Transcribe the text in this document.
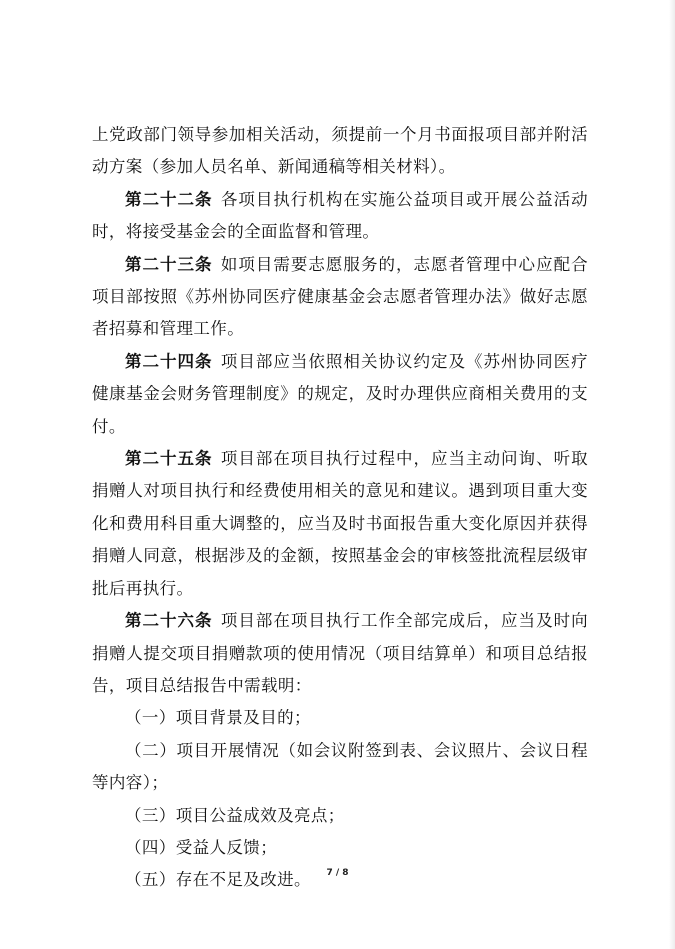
上党政部门领导参加相关活动，须提前一个月书面报项目部并附活动方案（参加人员名单、新闻通稿等相关材料）。

第二十二条 各项目执行机构在实施公益项目或开展公益活动时，将接受基金会的全面监督和管理。

第二十三条 如项目需要志愿服务的，志愿者管理中心应配合项目部按照《苏州协同医疗健康基金会志愿者管理办法》做好志愿者招募和管理工作。

第二十四条 项目部应当依照相关协议约定及《苏州协同医疗健康基金会财务管理制度》的规定，及时办理供应商相关费用的支付。

第二十五条 项目部在项目执行过程中，应当主动问询、听取捐赠人对项目执行和经费使用相关的意见和建议。遇到项目重大变化和费用科目重大调整的，应当及时书面报告重大变化原因并获得捐赠人同意，根据涉及的金额，按照基金会的审核签批流程层级审批后再执行。

第二十六条 项目部在项目执行工作全部完成后，应当及时向捐赠人提交项目捐赠款项的使用情况（项目结算单）和项目总结报告，项目总结报告中需载明：

（一）项目背景及目的；

（二）项目开展情况（如会议附签到表、会议照片、会议日程等内容）；

（三）项目公益成效及亮点；

（四）受益人反馈；

（五）存在不足及改进。	7 / 8
